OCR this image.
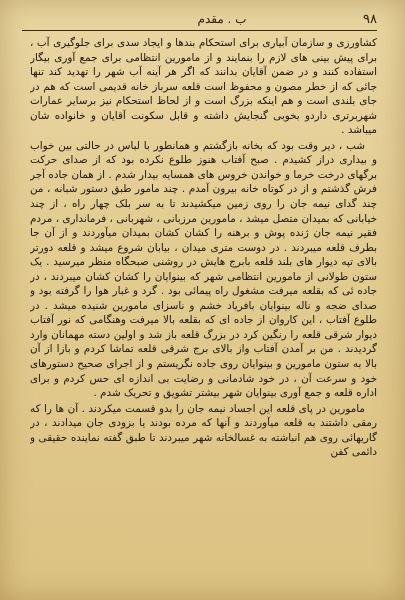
۹۸
ب . مقدم

کشاورزی و سازمان آبیاری برای استحکام بندها و ایجاد سدی برای جلوگیری آب ، برای پیش بینی های لازم را بنمایند و از مامورین انتظامی برای جمع آوری بیگار استفاده کنند و در ضمن آقایان بدانند که اگر هر آینه آب شهر را تهدید کند تنها جائی که از خطر مصون و محفوظ است قلعه سرباز خانه قدیمی است که هم در جای بلندی است و هم اینکه بزرگ است و از لحاظ استحکام نیز برسایر عمارات شهربرتری داردو بخوبی گنجایش داشته و قابل سکونت آقایان و خانواده شان میباشد .

شب ، دیر وقت بود که بخانه بازگشتم و همانطور با لباس در حالتی بین خواب و بیداری دراز کشیدم . صبح آفتاب هنوز طلوع نکرده بود که از صدای حرکت برگهای درخت خرما و خواندن خروس های همسایه بیدار شدم . از همان جاده آجر فرش گذشتم و از در کوتاه خانه بیرون آمدم . چند مامور طبق دستور شبانه ، من چند گدای نیمه جان را روی زمین میکشیدند تا به سر بلک چهار راه ، از چند خیابانی که بمیدان متصل میشد ، مامورین مرزبانی ، شهربانی ، فرمانداری ، مردم فقیر نیمه جان ژنده پوش و برهنه را کشان کشان بمیدان میآوردند و از آن جا بطرف قلعه میبردند . در دوست متری میدان ، بیابان شروع میشد و قلعه دورتر بالای تپه دیوار های بلند قلعه بابرج هایش در روشنی صبحگاه منظر میرسید . یک ستون طولانی از مامورین انتظامی شهر که بینوایان را کشان کشان میبردند ، در جاده ئی که بقلعه میرفت مشغول راه پیمائی بود . گرد و غبار هوا را گرفته بود و صدای ضجه و ناله بینوایان بافریاد خشم و ناسزای مامورین شنیده میشد . در طلوع آفتاب ، این کاروان از جاده ای که بقلعه بالا میرفت وهنگامی که نور آفتاب دیوار شرقی قلعه را رنگین کرد در بزرگ قلعه باز شد و اولین دسته مهمانان وارد گردیدند . من بر آمدن آفتاب واز بالای برج شرقی قلعه تماشا کردم و بازا از آن بالا به ستون مامورین و بینوایان روی جاده نگریستم و از اجرای صحیح دستورهای خود و سرعت آن ، در خود شادمانی و رضایت بی اندازه ای حس کردم و برای اداره قلعه و جمع آوری بینوایان شهر بیشتر تشویق و تحریک شدم .

مامورین در پای قلعه این اجساد نیمه جان را بدو قسمت میکردند . آن ها را که رمقی داشتند به قلعه میآوردند و آنها که مرده بودند یا بزودی جان میدادند ، در گاریهائی روی هم انباشته به غسالخانه شهر میبردند تا طبق گفته نماینده حقیقی و دائمی کفن
